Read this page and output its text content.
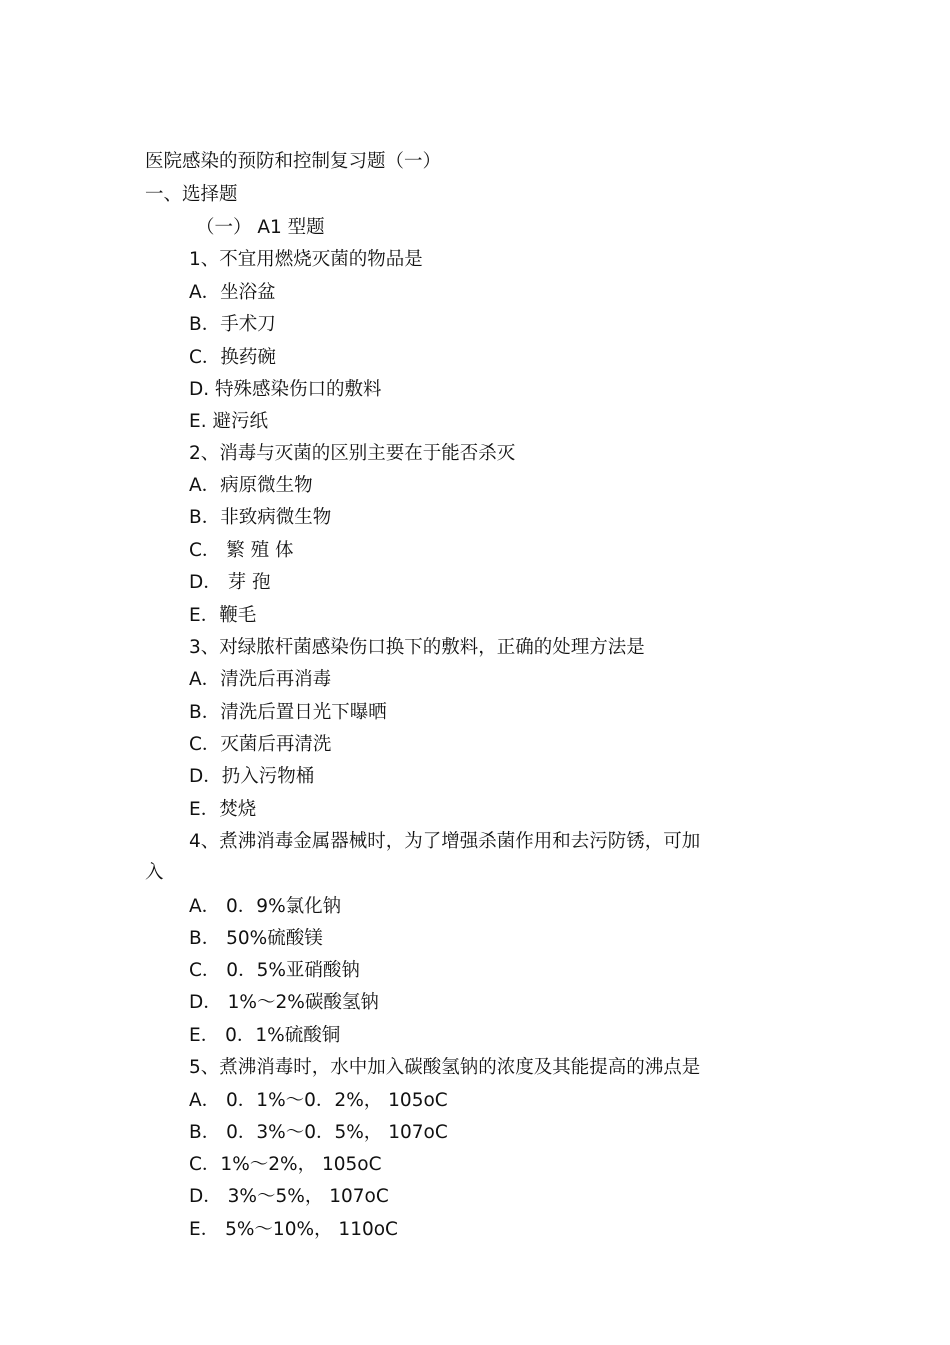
医院感染的预防和控制复习题（一）
一、选择题
（一） A1 型题
1、不宜用燃烧灭菌的物品是
A．坐浴盆
B．手术刀
C．换药碗
D. 特殊感染伤口的敷料
E. 避污纸
2、消毒与灭菌的区别主要在于能否杀灭
A．病原微生物
B．非致病微生物
C． 繁 殖 体
D． 芽 孢
E．鞭毛
3、对绿脓杆菌感染伤口换下的敷料，正确的处理方法是
A．清洗后再消毒
B．清洗后置日光下曝晒
C．灭菌后再清洗
D．扔入污物桶
E．焚烧
4、煮沸消毒金属器械时，为了增强杀菌作用和去污防锈，可加
入
A． 0．9%氯化钠
B． 50%硫酸镁
C． 0．5%亚硝酸钠
D． 1%～2%碳酸氢钠
E． 0．1%硫酸铜
5、煮沸消毒时，水中加入碳酸氢钠的浓度及其能提高的沸点是
A． 0．1%～0．2%， 105oC
B． 0．3%～0．5%， 107oC
C．1%～2%， 105oC
D． 3%～5%， 107oC
E． 5%～10%， 110oC
